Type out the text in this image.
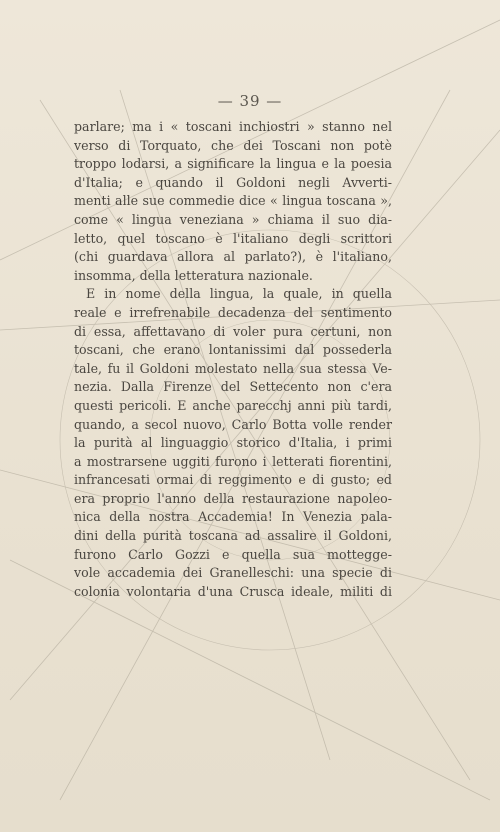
— 39 —
parlare; ma i « toscani inchiostri » stanno nel
verso di Torquato, che dei Toscani non potè
troppo lodarsi, a significare la lingua e la poesia
d'Italia; e quando il Goldoni negli Avverti-
menti alle sue commedie dice « lingua toscana »,
come « lingua veneziana » chiama il suo dia-
letto, quel toscano è l'italiano degli scrittori
(chi guardava allora al parlato?), è l'italiano,
insomma, della letteratura nazionale.
E in nome della lingua, la quale, in quella
reale e irrefrenabile decadenza del sentimento
di essa, affettavano di voler pura certuni, non
toscani, che erano lontanissimi dal possederla
tale, fu il Goldoni molestato nella sua stessa Ve-
nezia. Dalla Firenze del Settecento non c'era
questi pericoli. E anche parecchj anni più tardi,
quando, a secol nuovo, Carlo Botta volle render
la purità al linguaggio storico d'Italia, i primi
a mostrarsene uggiti furono i letterati fiorentini,
infrancesati ormai di reggimento e di gusto; ed
era proprio l'anno della restaurazione napoleo-
nica della nostra Accademia! In Venezia pala-
dini della purità toscana ad assalire il Goldoni,
furono Carlo Gozzi e quella sua mottegge-
vole accademia dei Granelleschi: una specie di
colonia volontaria d'una Crusca ideale, militi di
